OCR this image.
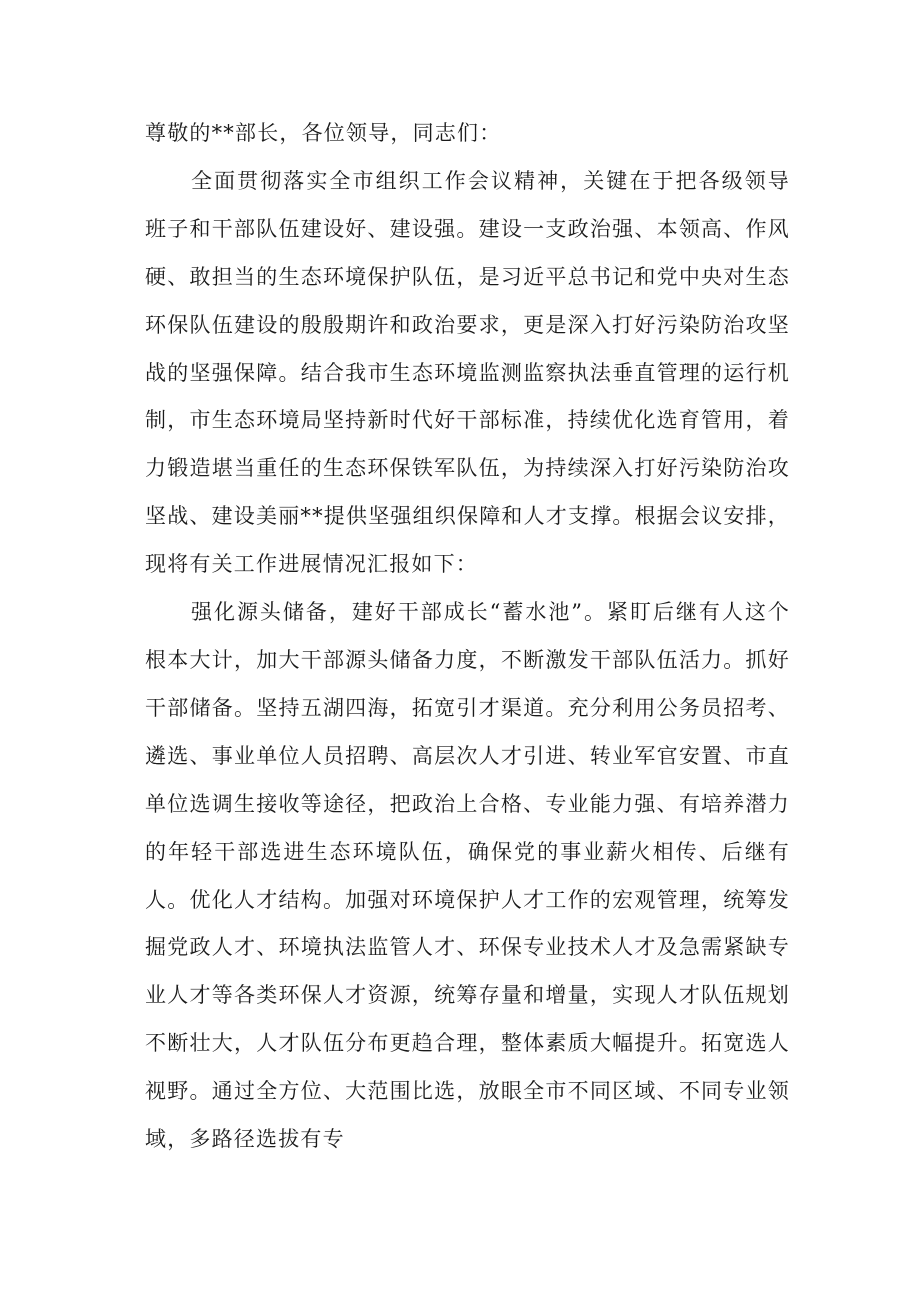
尊敬的**部长，各位领导，同志们：

全面贯彻落实全市组织工作会议精神，关键在于把各级领导班子和干部队伍建设好、建设强。建设一支政治强、本领高、作风硬、敢担当的生态环境保护队伍，是习近平总书记和党中央对生态环保队伍建设的殷殷期许和政治要求，更是深入打好污染防治攻坚战的坚强保障。结合我市生态环境监测监察执法垂直管理的运行机制，市生态环境局坚持新时代好干部标准，持续优化选育管用，着力锻造堪当重任的生态环保铁军队伍，为持续深入打好污染防治攻坚战、建设美丽**提供坚强组织保障和人才支撑。根据会议安排，现将有关工作进展情况汇报如下：

强化源头储备，建好干部成长“蓄水池”。紧盯后继有人这个根本大计，加大干部源头储备力度，不断激发干部队伍活力。抓好干部储备。坚持五湖四海，拓宽引才渠道。充分利用公务员招考、遴选、事业单位人员招聘、高层次人才引进、转业军官安置、市直单位选调生接收等途径，把政治上合格、专业能力强、有培养潜力的年轻干部选进生态环境队伍，确保党的事业薪火相传、后继有人。优化人才结构。加强对环境保护人才工作的宏观管理，统筹发掘党政人才、环境执法监管人才、环保专业技术人才及急需紧缺专业人才等各类环保人才资源，统筹存量和增量，实现人才队伍规划不断壮大，人才队伍分布更趋合理，整体素质大幅提升。拓宽选人视野。通过全方位、大范围比选，放眼全市不同区域、不同专业领域，多路径选拔有专
